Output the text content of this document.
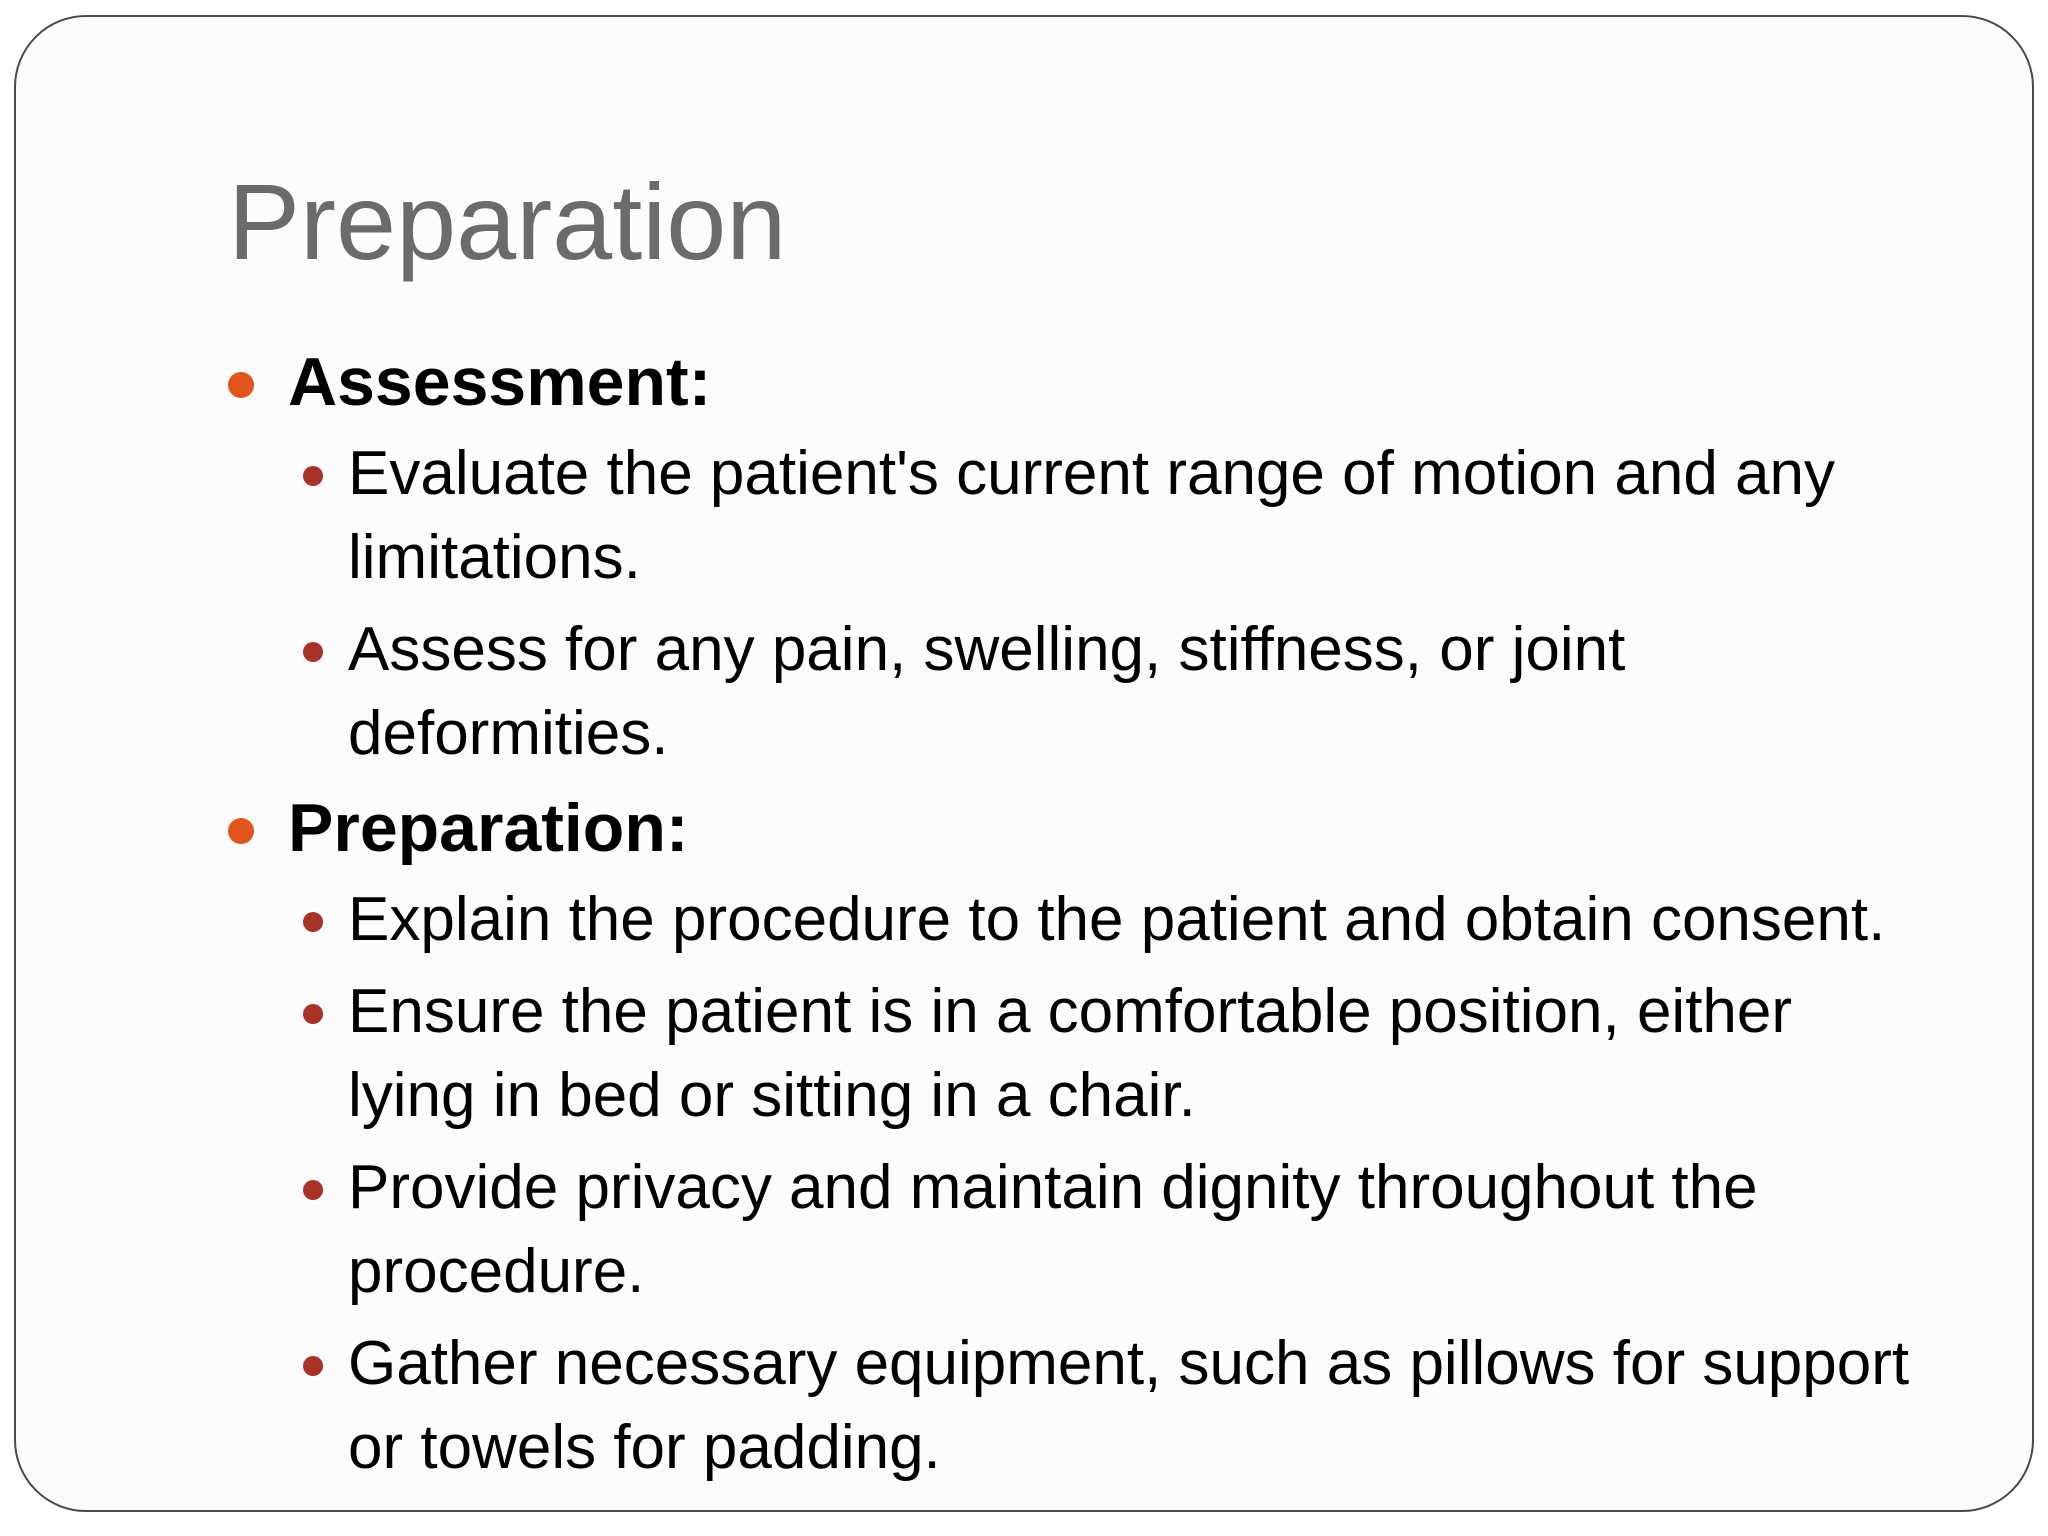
Preparation
Assessment:
Evaluate the patient's current range of motion and any limitations.
Assess for any pain, swelling, stiffness, or joint deformities.
Preparation:
Explain the procedure to the patient and obtain consent.
Ensure the patient is in a comfortable position, either lying in bed or sitting in a chair.
Provide privacy and maintain dignity throughout the procedure.
Gather necessary equipment, such as pillows for support or towels for padding.
